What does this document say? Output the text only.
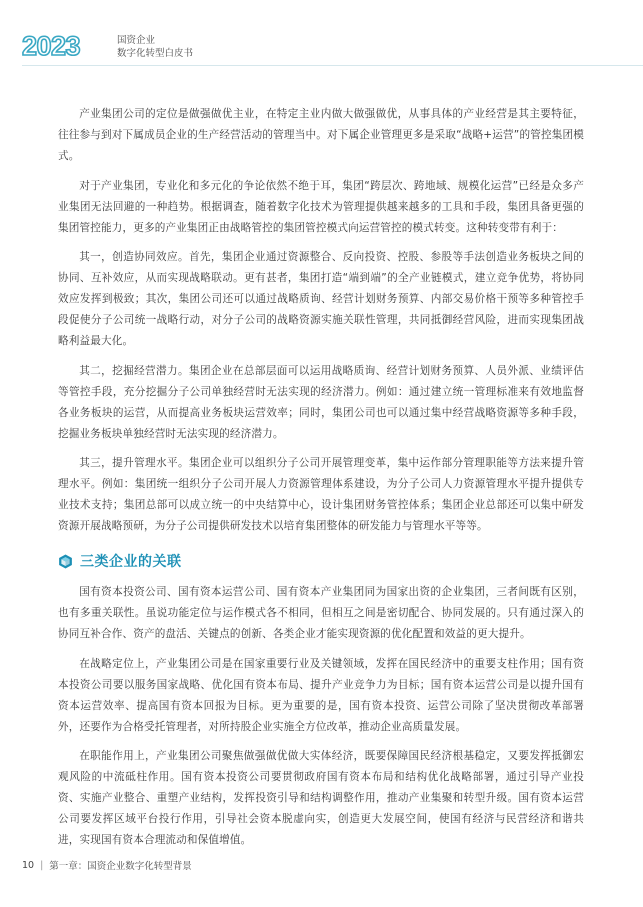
2023	国资企业
数字化转型白皮书

产业集团公司的定位是做强做优主业，在特定主业内做大做强做优，从事具体的产业经营是其主要特征，往往参与到对下属成员企业的生产经营活动的管理当中。对下属企业管理更多是采取“战略+运营”的管控集团模式。

对于产业集团，专业化和多元化的争论依然不绝于耳，集团“跨层次、跨地域、规模化运营”已经是众多产业集团无法回避的一种趋势。根据调查，随着数字化技术为管理提供越来越多的工具和手段，集团具备更强的集团管控能力，更多的产业集团正由战略管控的集团管控模式向运营管控的模式转变。这种转变带有利于：

其一，创造协同效应。首先，集团企业通过资源整合、反向投资、控股、参股等手法创造业务板块之间的协同、互补效应，从而实现战略联动。更有甚者，集团打造“端到端”的全产业链模式，建立竞争优势，将协同效应发挥到极致；其次，集团公司还可以通过战略质询、经营计划财务预算、内部交易价格干预等多种管控手段促使分子公司统一战略行动，对分子公司的战略资源实施关联性管理，共同抵御经营风险，进而实现集团战略利益最大化。

其二，挖掘经营潜力。集团企业在总部层面可以运用战略质询、经营计划财务预算、人员外派、业绩评估等管控手段，充分挖掘分子公司单独经营时无法实现的经济潜力。例如：通过建立统一管理标准来有效地监督各业务板块的运营，从而提高业务板块运营效率；同时，集团公司也可以通过集中经营战略资源等多种手段，挖掘业务板块单独经营时无法实现的经济潜力。

其三，提升管理水平。集团企业可以组织分子公司开展管理变革，集中运作部分管理职能等方法来提升管理水平。例如：集团统一组织分子公司开展人力资源管理体系建设，为分子公司人力资源管理水平提升提供专业技术支持；集团总部可以成立统一的中央结算中心，设计集团财务管控体系；集团企业总部还可以集中研发资源开展战略预研，为分子公司提供研发技术以培育集团整体的研发能力与管理水平等等。

三类企业的关联

国有资本投资公司、国有资本运营公司、国有资本产业集团同为国家出资的企业集团，三者间既有区别，也有多重关联性。虽说功能定位与运作模式各不相同，但相互之间是密切配合、协同发展的。只有通过深入的协同互补合作、资产的盘活、关键点的创新、各类企业才能实现资源的优化配置和效益的更大提升。

在战略定位上，产业集团公司是在国家重要行业及关键领域，发挥在国民经济中的重要支柱作用；国有资本投资公司要以服务国家战略、优化国有资本布局、提升产业竞争力为目标；国有资本运营公司是以提升国有资本运营效率、提高国有资本回报为目标。更为重要的是，国有资本投资、运营公司除了坚决贯彻改革部署外，还要作为合格受托管理者，对所持股企业实施全方位改革，推动企业高质量发展。

在职能作用上，产业集团公司聚焦做强做优做大实体经济，既要保障国民经济根基稳定，又要发挥抵御宏观风险的中流砥柱作用。国有资本投资公司要贯彻政府国有资本布局和结构优化战略部署，通过引导产业投资、实施产业整合、重塑产业结构，发挥投资引导和结构调整作用，推动产业集聚和转型升级。国有资本运营公司要发挥区域平台投行作用，引导社会资本脱虚向实，创造更大发展空间，使国有经济与民营经济和谐共进，实现国有资本合理流动和保值增值。

10 | 第一章：国资企业数字化转型背景
